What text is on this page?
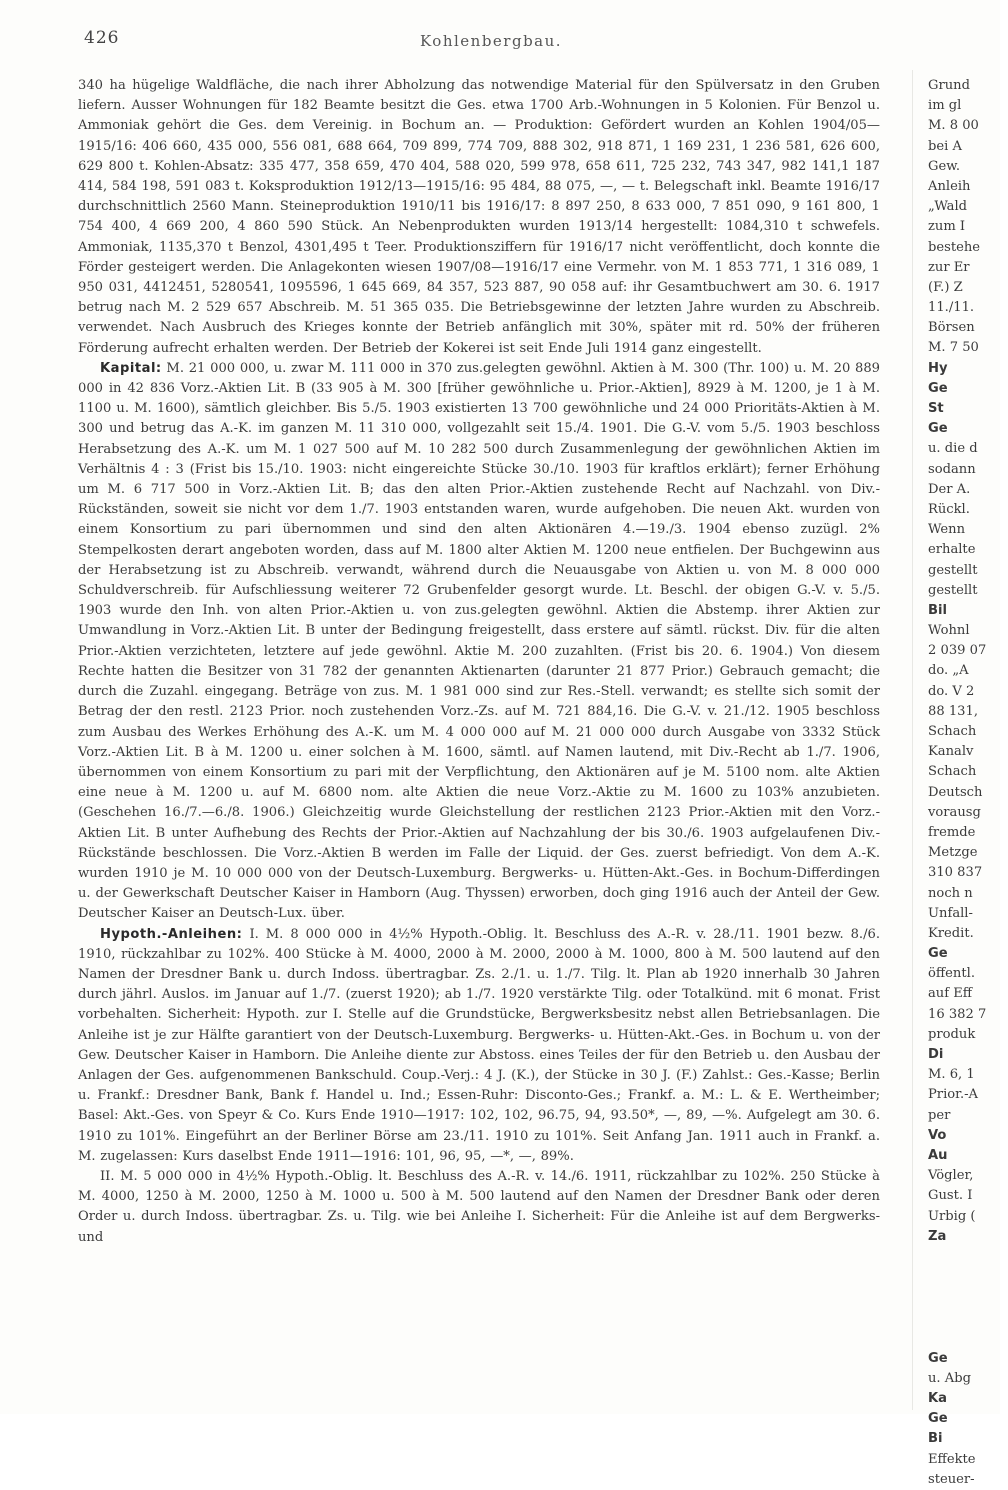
426	Kohlenbergbau.

340 ha hügelige Waldfläche, die nach ihrer Abholzung das notwendige Material für den Spülversatz in den Gruben liefern. Ausser Wohnungen für 182 Beamte besitzt die Ges. etwa 1700 Arb.-Wohnungen in 5 Kolonien. Für Benzol u. Ammoniak gehört die Ges. dem Vereinig. in Bochum an. — Produktion: Gefördert wurden an Kohlen 1904/05—1915/16: 406 660, 435 000, 556 081, 688 664, 709 899, 774 709, 888 302, 918 871, 1 169 231, 1 236 581, 626 600, 629 800 t. Kohlen-Absatz: 335 477, 358 659, 470 404, 588 020, 599 978, 658 611, 725 232, 743 347, 982 141,1 187 414, 584 198, 591 083 t. Koksproduktion 1912/13—1915/16: 95 484, 88 075, —, — t. Belegschaft inkl. Beamte 1916/17 durchschnittlich 2560 Mann. Steineproduktion 1910/11 bis 1916/17: 8 897 250, 8 633 000, 7 851 090, 9 161 800, 1 754 400, 4 669 200, 4 860 590 Stück. An Nebenprodukten wurden 1913/14 hergestellt: 1084,310 t schwefels. Ammoniak, 1135,370 t Benzol, 4301,495 t Teer. Produktionsziffern für 1916/17 nicht veröffentlicht, doch konnte die Förder gesteigert werden. Die Anlagekonten wiesen 1907/08—1916/17 eine Vermehr. von M. 1 853 771, 1 316 089, 1 950 031, 4412451, 5280541, 1095596, 1 645 669, 84 357, 523 887, 90 058 auf: ihr Gesamtbuchwert am 30. 6. 1917 betrug nach M. 2 529 657 Abschreib. M. 51 365 035. Die Betriebsgewinne der letzten Jahre wurden zu Abschreib. verwendet. Nach Ausbruch des Krieges konnte der Betrieb anfänglich mit 30%, später mit rd. 50% der früheren Förderung aufrecht erhalten werden. Der Betrieb der Kokerei ist seit Ende Juli 1914 ganz eingestellt.

Kapital: M. 21 000 000, u. zwar M. 111 000 in 370 zus.gelegten gewöhnl. Aktien à M. 300 (Thr. 100) u. M. 20 889 000 in 42 836 Vorz.-Aktien Lit. B (33 905 à M. 300 [früher gewöhnliche u. Prior.-Aktien], 8929 à M. 1200, je 1 à M. 1100 u. M. 1600), sämtlich gleichber. Bis 5./5. 1903 existierten 13 700 gewöhnliche und 24 000 Prioritäts-Aktien à M. 300 und betrug das A.-K. im ganzen M. 11 310 000, vollgezahlt seit 15./4. 1901. Die G.-V. vom 5./5. 1903 beschloss Herabsetzung des A.-K. um M. 1 027 500 auf M. 10 282 500 durch Zusammenlegung der gewöhnlichen Aktien im Verhältnis 4 : 3 (Frist bis 15./10. 1903: nicht eingereichte Stücke 30./10. 1903 für kraftlos erklärt); ferner Erhöhung um M. 6 717 500 in Vorz.-Aktien Lit. B; das den alten Prior.-Aktien zustehende Recht auf Nachzahl. von Div.-Rückständen, soweit sie nicht vor dem 1./7. 1903 entstanden waren, wurde aufgehoben. Die neuen Akt. wurden von einem Konsortium zu pari übernommen und sind den alten Aktionären 4.—19./3. 1904 ebenso zuzügl. 2% Stempelkosten derart angeboten worden, dass auf M. 1800 alter Aktien M. 1200 neue entfielen. Der Buchgewinn aus der Herabsetzung ist zu Abschreib. verwandt, während durch die Neuausgabe von Aktien u. von M. 8 000 000 Schuldverschreib. für Aufschliessung weiterer 72 Grubenfelder gesorgt wurde. Lt. Beschl. der obigen G.-V. v. 5./5. 1903 wurde den Inh. von alten Prior.-Aktien u. von zus.gelegten gewöhnl. Aktien die Abstemp. ihrer Aktien zur Umwandlung in Vorz.-Aktien Lit. B unter der Bedingung freigestellt, dass erstere auf sämtl. rückst. Div. für die alten Prior.-Aktien verzichteten, letztere auf jede gewöhnl. Aktie M. 200 zuzahlten. (Frist bis 20. 6. 1904.) Von diesem Rechte hatten die Besitzer von 31 782 der genannten Aktienarten (darunter 21 877 Prior.) Gebrauch gemacht; die durch die Zuzahl. eingegang. Beträge von zus. M. 1 981 000 sind zur Res.-Stell. verwandt; es stellte sich somit der Betrag der den restl. 2123 Prior. noch zustehenden Vorz.-Zs. auf M. 721 884,16. Die G.-V. v. 21./12. 1905 beschloss zum Ausbau des Werkes Erhöhung des A.-K. um M. 4 000 000 auf M. 21 000 000 durch Ausgabe von 3332 Stück Vorz.-Aktien Lit. B à M. 1200 u. einer solchen à M. 1600, sämtl. auf Namen lautend, mit Div.-Recht ab 1./7. 1906, übernommen von einem Konsortium zu pari mit der Verpflichtung, den Aktionären auf je M. 5100 nom. alte Aktien eine neue à M. 1200 u. auf M. 6800 nom. alte Aktien die neue Vorz.-Aktie zu M. 1600 zu 103% anzubieten. (Geschehen 16./7.—6./8. 1906.) Gleichzeitig wurde Gleichstellung der restlichen 2123 Prior.-Aktien mit den Vorz.-Aktien Lit. B unter Aufhebung des Rechts der Prior.-Aktien auf Nachzahlung der bis 30./6. 1903 aufgelaufenen Div.-Rückstände beschlossen. Die Vorz.-Aktien B werden im Falle der Liquid. der Ges. zuerst befriedigt. Von dem A.-K. wurden 1910 je M. 10 000 000 von der Deutsch-Luxemburg. Bergwerks- u. Hütten-Akt.-Ges. in Bochum-Differdingen u. der Gewerkschaft Deutscher Kaiser in Hamborn (Aug. Thyssen) erworben, doch ging 1916 auch der Anteil der Gew. Deutscher Kaiser an Deutsch-Lux. über.

Hypoth.-Anleihen: I. M. 8 000 000 in 4½% Hypoth.-Oblig. lt. Beschluss des A.-R. v. 28./11. 1901 bezw. 8./6. 1910, rückzahlbar zu 102%. 400 Stücke à M. 4000, 2000 à M. 2000, 2000 à M. 1000, 800 à M. 500 lautend auf den Namen der Dresdner Bank u. durch Indoss. übertragbar. Zs. 2./1. u. 1./7. Tilg. lt. Plan ab 1920 innerhalb 30 Jahren durch jährl. Auslos. im Januar auf 1./7. (zuerst 1920); ab 1./7. 1920 verstärkte Tilg. oder Totalkünd. mit 6 monat. Frist vorbehalten. Sicherheit: Hypoth. zur I. Stelle auf die Grundstücke, Bergwerksbesitz nebst allen Betriebsanlagen. Die Anleihe ist je zur Hälfte garantiert von der Deutsch-Luxemburg. Bergwerks- u. Hütten-Akt.-Ges. in Bochum u. von der Gew. Deutscher Kaiser in Hamborn. Die Anleihe diente zur Abstoss. eines Teiles der für den Betrieb u. den Ausbau der Anlagen der Ges. aufgenommenen Bankschuld. Coup.-Verj.: 4 J. (K.), der Stücke in 30 J. (F.) Zahlst.: Ges.-Kasse; Berlin u. Frankf.: Dresdner Bank, Bank f. Handel u. Ind.; Essen-Ruhr: Disconto-Ges.; Frankf. a. M.: L. & E. Wertheimber; Basel: Akt.-Ges. von Speyr & Co. Kurs Ende 1910—1917: 102, 102, 96.75, 94, 93.50*, —, 89, —%. Aufgelegt am 30. 6. 1910 zu 101%. Eingeführt an der Berliner Börse am 23./11. 1910 zu 101%. Seit Anfang Jan. 1911 auch in Frankf. a. M. zugelassen: Kurs daselbst Ende 1911—1916: 101, 96, 95, —*, —, 89%.

II. M. 5 000 000 in 4½% Hypoth.-Oblig. lt. Beschluss des A.-R. v. 14./6. 1911, rückzahlbar zu 102%. 250 Stücke à M. 4000, 1250 à M. 2000, 1250 à M. 1000 u. 500 à M. 500 lautend auf den Namen der Dresdner Bank oder deren Order u. durch Indoss. übertragbar. Zs. u. Tilg. wie bei Anleihe I. Sicherheit: Für die Anleihe ist auf dem Bergwerks- und

Grund
im gl
M. 8 00
bei A
Gew.
Anleih
„Wald
zum I
bestehe
zur Er
(F.) Z
11./11.
Börsen
M. 7 50
Hy
Ge
St
Ge
u. die d
sodann
Der A.
Rückl.
Wenn
erhalte
gestellt
gestellt
Bil
Wohnl
2 039 07
do. „A
do. V 2
88 131,
Schach
Kanalv
Schach
Deutsch
vorausg
fremde
Metzge
310 837
noch n
Unfall-
Kredit.
Ge
öffentl.
auf Eff
16 382 7
produk
Di
M. 6, 1
Prior.-A
per
Vo
Au
Vögler,
Gust. I
Urbig (
Za
Ge
u. Abg
Ka
Ge
Bi
Effekte
steuer-
